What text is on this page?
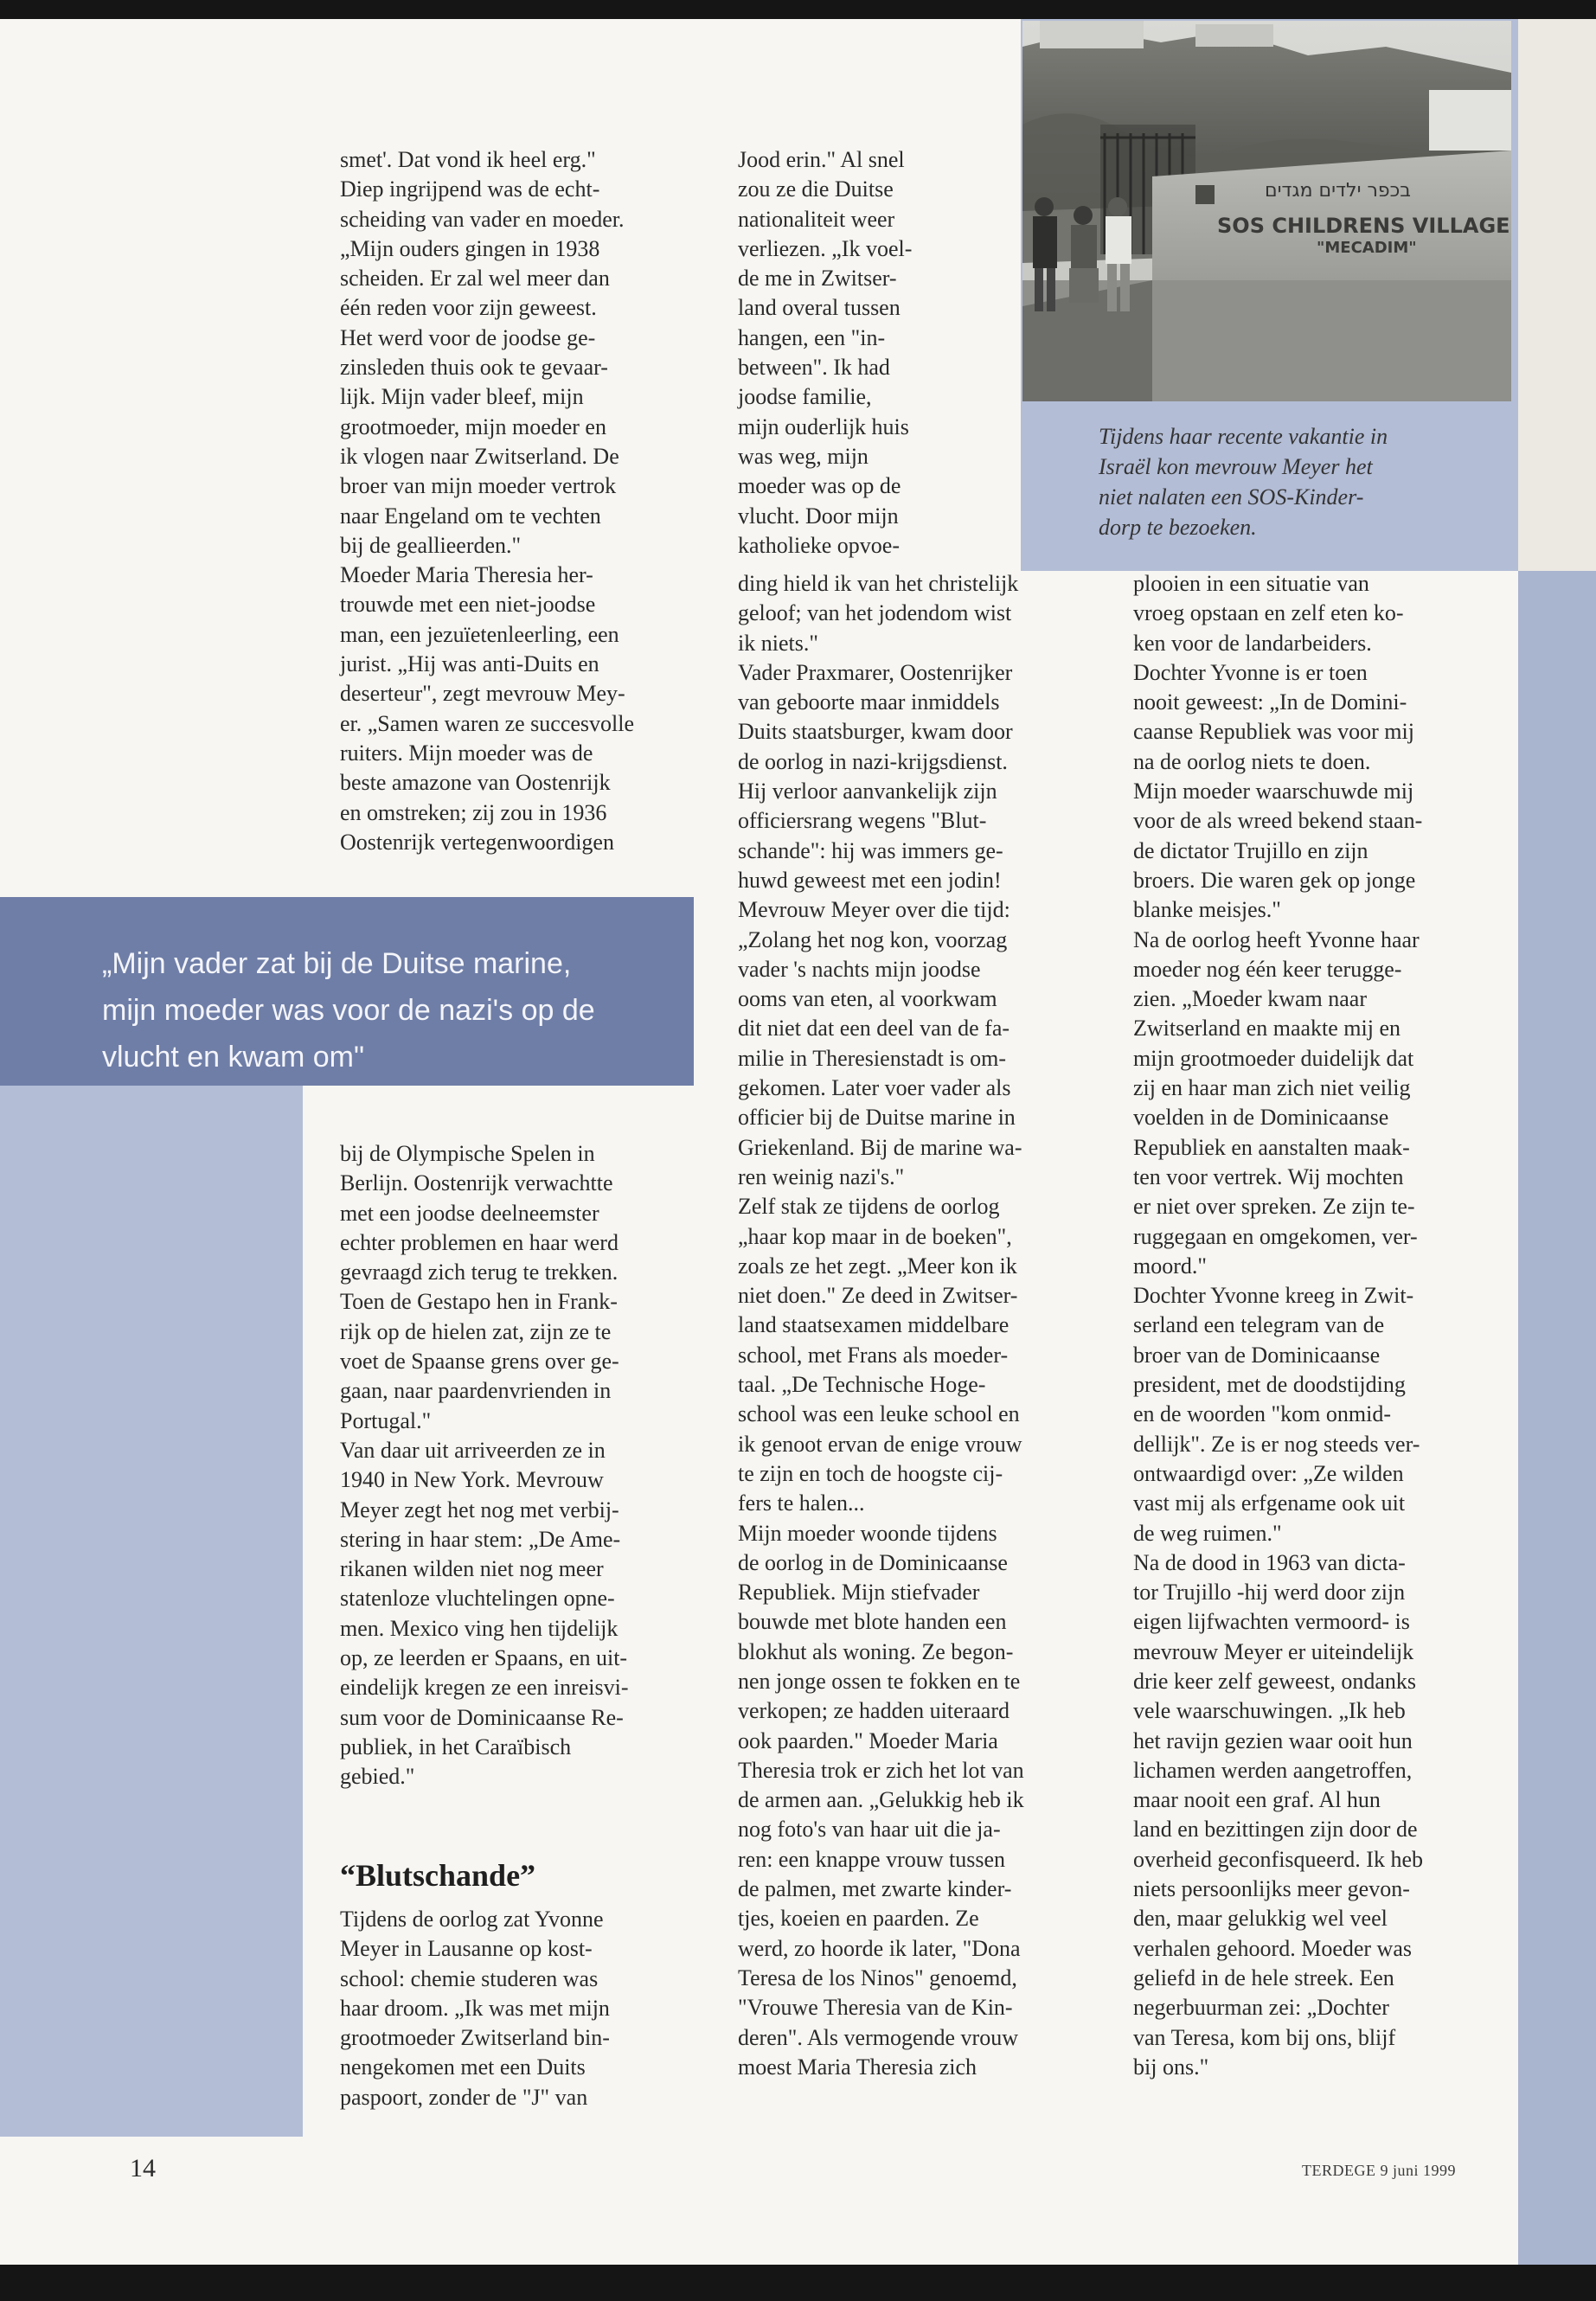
„Mijn vader zat bij de Duitse marine,
mijn moeder was voor de nazi's op de
vlucht en kwam om"

בכפר ילדים מגדים
SOS CHILDRENS VILLAGE
"MECADIM"

Tijdens haar recente vakantie in
Israël kon mevrouw Meyer het
niet nalaten een SOS-Kinder-
dorp te bezoeken.

smet'. Dat vond ik heel erg."
Diep ingrijpend was de echt-
scheiding van vader en moeder.
„Mijn ouders gingen in 1938
scheiden. Er zal wel meer dan
één reden voor zijn geweest.
Het werd voor de joodse ge-
zinsleden thuis ook te gevaar-
lijk. Mijn vader bleef, mijn
grootmoeder, mijn moeder en
ik vlogen naar Zwitserland. De
broer van mijn moeder vertrok
naar Engeland om te vechten
bij de geallieerden."
Moeder Maria Theresia her-
trouwde met een niet-joodse
man, een jezuïetenleerling, een
jurist. „Hij was anti-Duits en
deserteur", zegt mevrouw Mey-
er. „Samen waren ze succesvolle
ruiters. Mijn moeder was de
beste amazone van Oostenrijk
en omstreken; zij zou in 1936
Oostenrijk vertegenwoordigen

bij de Olympische Spelen in
Berlijn. Oostenrijk verwachtte
met een joodse deelneemster
echter problemen en haar werd
gevraagd zich terug te trekken.
Toen de Gestapo hen in Frank-
rijk op de hielen zat, zijn ze te
voet de Spaanse grens over ge-
gaan, naar paardenvrienden in
Portugal."
Van daar uit arriveerden ze in
1940 in New York. Mevrouw
Meyer zegt het nog met verbij-
stering in haar stem: „De Ame-
rikanen wilden niet nog meer
statenloze vluchtelingen opne-
men. Mexico ving hen tijdelijk
op, ze leerden er Spaans, en uit-
eindelijk kregen ze een inreisvi-
sum voor de Dominicaanse Re-
publiek, in het Caraïbisch
gebied."

“Blutschande”

Tijdens de oorlog zat Yvonne
Meyer in Lausanne op kost-
school: chemie studeren was
haar droom. „Ik was met mijn
grootmoeder Zwitserland bin-
nengekomen met een Duits
paspoort, zonder de "J" van

Jood erin." Al snel
zou ze die Duitse
nationaliteit weer
verliezen. „Ik voel-
de me in Zwitser-
land overal tussen
hangen, een "in-
between". Ik had
joodse familie,
mijn ouderlijk huis
was weg, mijn
moeder was op de
vlucht. Door mijn
katholieke opvoe-

ding hield ik van het christelijk
geloof; van het jodendom wist
ik niets."
Vader Praxmarer, Oostenrijker
van geboorte maar inmiddels
Duits staatsburger, kwam door
de oorlog in nazi-krijgsdienst.
Hij verloor aanvankelijk zijn
officiersrang wegens "Blut-
schande": hij was immers ge-
huwd geweest met een jodin!
Mevrouw Meyer over die tijd:
„Zolang het nog kon, voorzag
vader 's nachts mijn joodse
ooms van eten, al voorkwam
dit niet dat een deel van de fa-
milie in Theresienstadt is om-
gekomen. Later voer vader als
officier bij de Duitse marine in
Griekenland. Bij de marine wa-
ren weinig nazi's."
Zelf stak ze tijdens de oorlog
„haar kop maar in de boeken",
zoals ze het zegt. „Meer kon ik
niet doen." Ze deed in Zwitser-
land staatsexamen middelbare
school, met Frans als moeder-
taal. „De Technische Hoge-
school was een leuke school en
ik genoot ervan de enige vrouw
te zijn en toch de hoogste cij-
fers te halen...
Mijn moeder woonde tijdens
de oorlog in de Dominicaanse
Republiek. Mijn stiefvader
bouwde met blote handen een
blokhut als woning. Ze begon-
nen jonge ossen te fokken en te
verkopen; ze hadden uiteraard
ook paarden." Moeder Maria
Theresia trok er zich het lot van
de armen aan. „Gelukkig heb ik
nog foto's van haar uit die ja-
ren: een knappe vrouw tussen
de palmen, met zwarte kinder-
tjes, koeien en paarden. Ze
werd, zo hoorde ik later, "Dona
Teresa de los Ninos" genoemd,
"Vrouwe Theresia van de Kin-
deren". Als vermogende vrouw
moest Maria Theresia zich

plooien in een situatie van
vroeg opstaan en zelf eten ko-
ken voor de landarbeiders.
Dochter Yvonne is er toen
nooit geweest: „In de Domini-
caanse Republiek was voor mij
na de oorlog niets te doen.
Mijn moeder waarschuwde mij
voor de als wreed bekend staan-
de dictator Trujillo en zijn
broers. Die waren gek op jonge
blanke meisjes."
Na de oorlog heeft Yvonne haar
moeder nog één keer terugge-
zien. „Moeder kwam naar
Zwitserland en maakte mij en
mijn grootmoeder duidelijk dat
zij en haar man zich niet veilig
voelden in de Dominicaanse
Republiek en aanstalten maak-
ten voor vertrek. Wij mochten
er niet over spreken. Ze zijn te-
ruggegaan en omgekomen, ver-
moord."
Dochter Yvonne kreeg in Zwit-
serland een telegram van de
broer van de Dominicaanse
president, met de doodstijding
en de woorden "kom onmid-
dellijk". Ze is er nog steeds ver-
ontwaardigd over: „Ze wilden
vast mij als erfgename ook uit
de weg ruimen."
Na de dood in 1963 van dicta-
tor Trujillo -hij werd door zijn
eigen lijfwachten vermoord- is
mevrouw Meyer er uiteindelijk
drie keer zelf geweest, ondanks
vele waarschuwingen. „Ik heb
het ravijn gezien waar ooit hun
lichamen werden aangetroffen,
maar nooit een graf. Al hun
land en bezittingen zijn door de
overheid geconfisqueerd. Ik heb
niets persoonlijks meer gevon-
den, maar gelukkig wel veel
verhalen gehoord. Moeder was
geliefd in de hele streek. Een
negerbuurman zei: „Dochter
van Teresa, kom bij ons, blijf
bij ons."

14	TERDEGE 9 juni 1999
